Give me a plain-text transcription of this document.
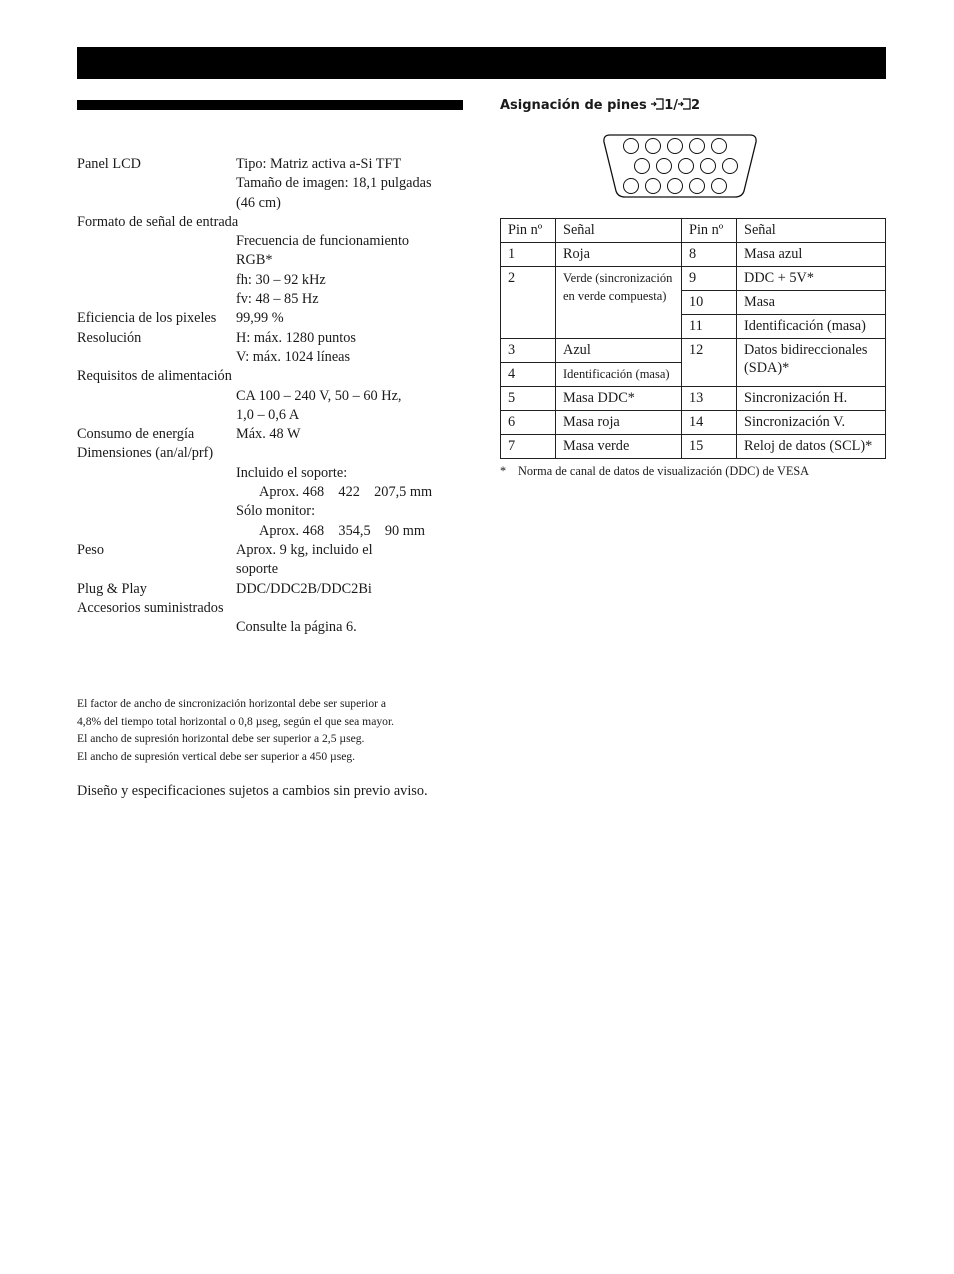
Panel LCD	Tipo: Matriz activa a-Si TFT
Tamaño de imagen: 18,1 pulgadas
(46 cm)
Formato de señal de entrada
Frecuencia de funcionamiento
RGB*
fh: 30 – 92 kHz
fv: 48 – 85 Hz
Eficiencia de los pixeles	99,99 %
Resolución	H: máx. 1280 puntos
V: máx. 1024 líneas
Requisitos de alimentación
CA 100 – 240 V, 50 – 60 Hz,
1,0 – 0,6 A
Consumo de energía	Máx. 48 W
Dimensiones (an/al/prf)
Incluido el soporte:
Aprox. 468    422    207,5 mm
Sólo monitor:
Aprox. 468    354,5    90 mm
Peso	Aprox. 9 kg, incluido el
soporte
Plug & Play	DDC/DDC2B/DDC2Bi
Accesorios suministrados
Consulte la página 6.
El factor de ancho de sincronización horizontal debe ser superior a
4,8% del tiempo total horizontal o 0,8 µseg, según el que sea mayor.
El ancho de supresión horizontal debe ser superior a 2,5 µseg.
El ancho de supresión vertical debe ser superior a 450 µseg.
Diseño y especificaciones sujetos a cambios sin previo aviso.
Asignación de pines 1/ 2
Pin nº	Señal	Pin nº	Señal
1	Roja	8	Masa azul
2	Verde (sincronización en verde compuesta)	9	DDC + 5V*
		10	Masa
		11	Identificación (masa)
3	Azul	12	Datos bidireccionales (SDA)*
4	Identificación (masa)		
5	Masa DDC*	13	Sincronización H.
6	Masa roja	14	Sincronización V.
7	Masa verde	15	Reloj de datos (SCL)*
* Norma de canal de datos de visualización (DDC) de VESA
